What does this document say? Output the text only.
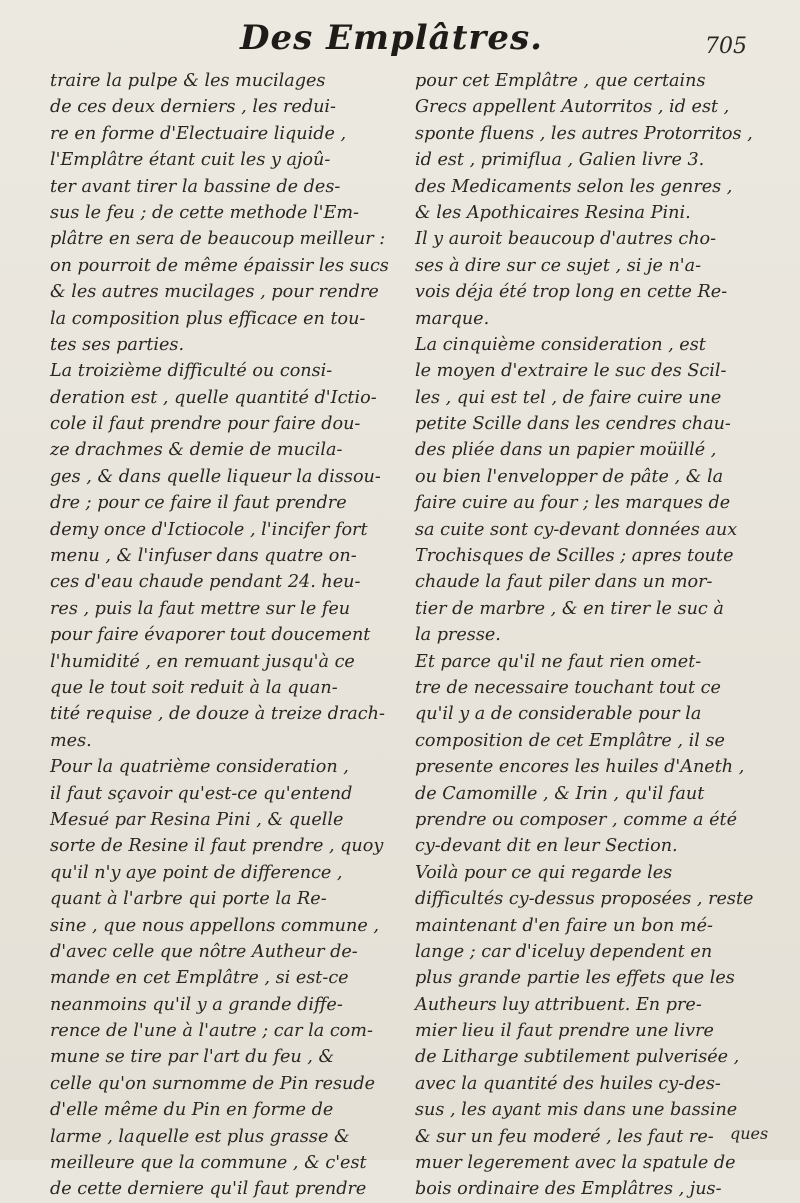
Des Emplâtres.	705
traire la pulpe & les mucilages
de ces deux derniers , les redui-
re en forme d'Electuaire liquide ,
l'Emplâtre étant cuit les y ajoû-
ter avant tirer la bassine de des-
sus le feu ; de cette methode l'Em-
plâtre en sera de beaucoup meilleur :
on pourroit de même épaissir les sucs
& les autres mucilages , pour rendre
la composition plus efficace en tou-
tes ses parties.
La troizième difficulté ou consi-
deration est , quelle quantité d'Ictio-
cole il faut prendre pour faire dou-
ze drachmes & demie de mucila-
ges , & dans quelle liqueur la dissou-
dre ; pour ce faire il faut prendre
demy once d'Ictiocole , l'incifer fort
menu , & l'infuser dans quatre on-
ces d'eau chaude pendant 24. heu-
res , puis la faut mettre sur le feu
pour faire évaporer tout doucement
l'humidité , en remuant jusqu'à ce
que le tout soit reduit à la quan-
tité requise , de douze à treize drach-
mes.
Pour la quatrième consideration ,
il faut sçavoir qu'est-ce qu'entend
Mesué par Resina Pini , & quelle
sorte de Resine il faut prendre , quoy
qu'il n'y aye point de difference ,
quant à l'arbre qui porte la Re-
sine , que nous appellons commune ,
d'avec celle que nôtre Autheur de-
mande en cet Emplâtre , si est-ce
neanmoins qu'il y a grande diffe-
rence de l'une à l'autre ; car la com-
mune se tire par l'art du feu , &
celle qu'on surnomme de Pin resude
d'elle même du Pin en forme de
larme , laquelle est plus grasse &
meilleure que la commune , & c'est
de cette derniere qu'il faut prendre
pour cet Emplâtre , que certains
Grecs appellent Autorritos , id est ,
sponte fluens , les autres Protorritos ,
id est , primiflua , Galien livre 3.
des Medicaments selon les genres ,
& les Apothicaires Resina Pini.
Il y auroit beaucoup d'autres cho-
ses à dire sur ce sujet , si je n'a-
vois déja été trop long en cette Re-
marque.
La cinquième consideration , est
le moyen d'extraire le suc des Scil-
les , qui est tel , de faire cuire une
petite Scille dans les cendres chau-
des pliée dans un papier moüillé ,
ou bien l'envelopper de pâte , & la
faire cuire au four ; les marques de
sa cuite sont cy-devant données aux
Trochisques de Scilles ; apres toute
chaude la faut piler dans un mor-
tier de marbre , & en tirer le suc à
la presse.
Et parce qu'il ne faut rien omet-
tre de necessaire touchant tout ce
qu'il y a de considerable pour la
composition de cet Emplâtre , il se
presente encores les huiles d'Aneth ,
de Camomille , & Irin , qu'il faut
prendre ou composer , comme a été
cy-devant dit en leur Section.
Voilà pour ce qui regarde les
difficultés cy-dessus proposées , reste
maintenant d'en faire un bon mé-
lange ; car d'iceluy dependent en
plus grande partie les effets que les
Autheurs luy attribuent. En pre-
mier lieu il faut prendre une livre
de Litharge subtilement pulverisée ,
avec la quantité des huiles cy-des-
sus , les ayant mis dans une bassine
& sur un feu moderé , les faut re-
muer legerement avec la spatule de
bois ordinaire des Emplâtres , jus-
ques
